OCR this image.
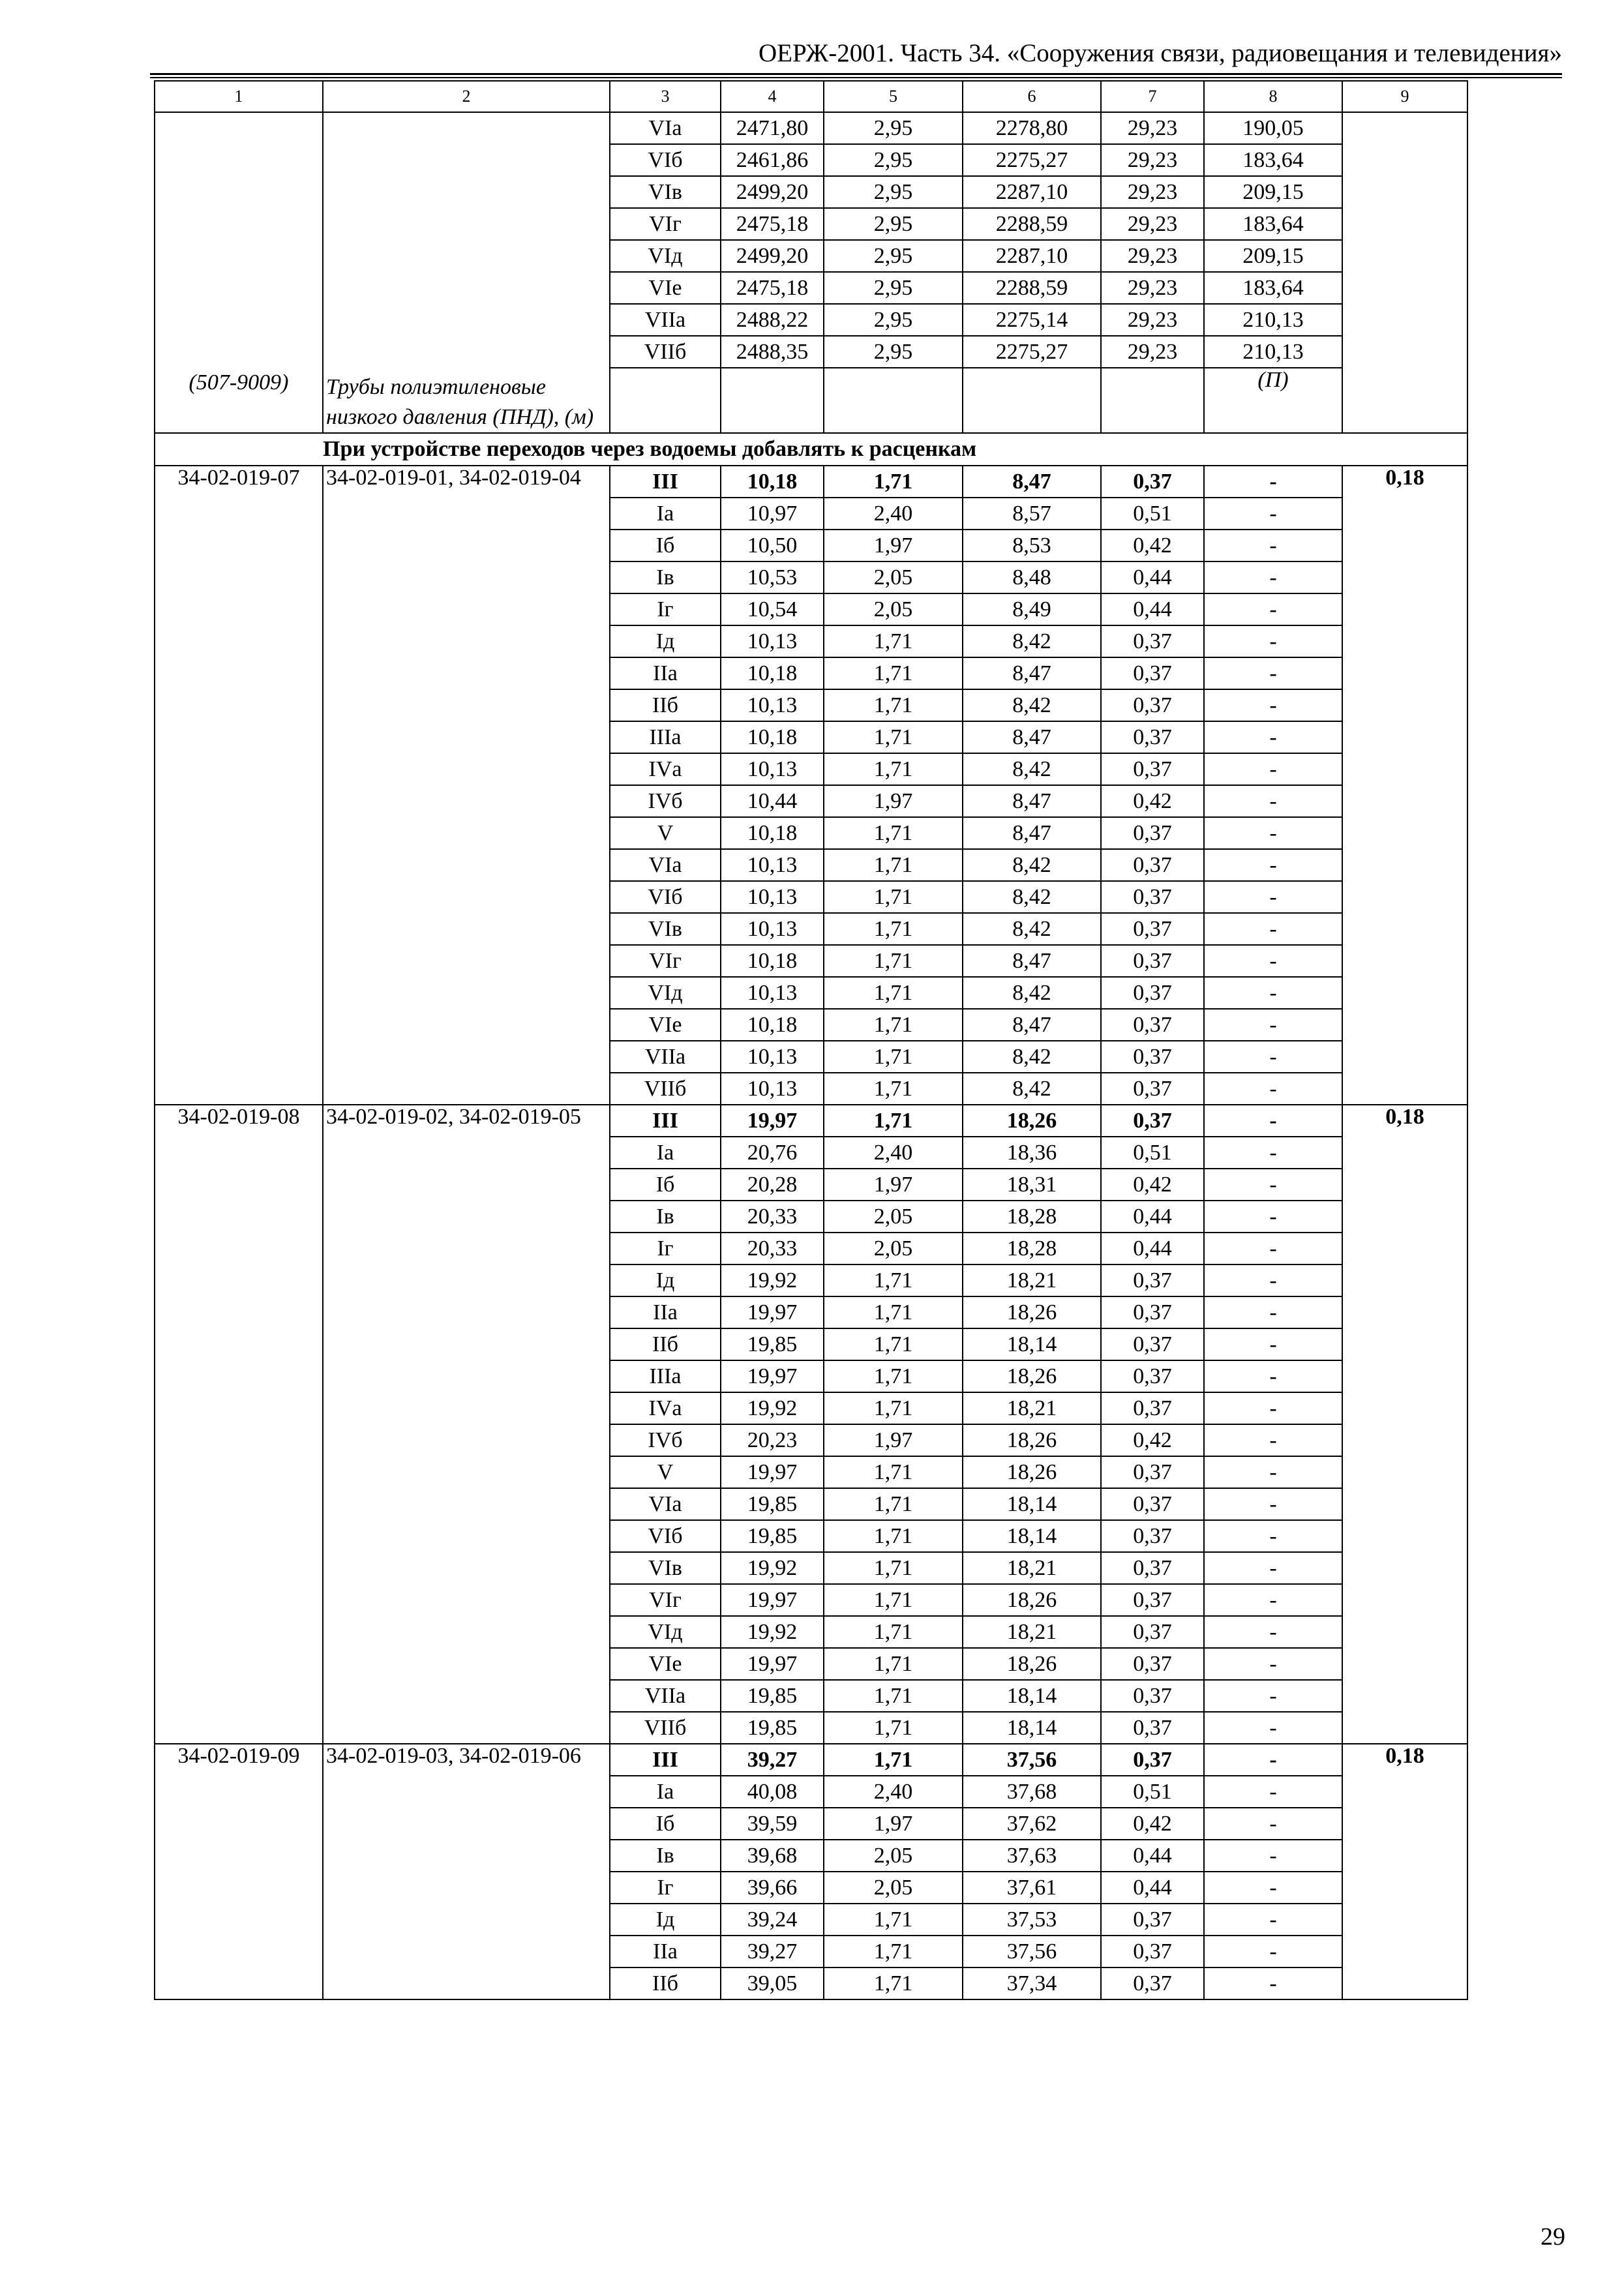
ОЕРЖ-2001. Часть 34. «Сооружения связи, радиовещания и телевидения»
1	2	3	4	5	6	7	8	9
(507-9009)	Трубы полиэтиленовые низкого давления (ПНД), (м)	VIа	2471,80	2,95	2278,80	29,23	190,05	
		VIб	2461,86	2,95	2275,27	29,23	183,64	
		VIв	2499,20	2,95	2287,10	29,23	209,15	
		VIг	2475,18	2,95	2288,59	29,23	183,64	
		VIд	2499,20	2,95	2287,10	29,23	209,15	
		VIе	2475,18	2,95	2288,59	29,23	183,64	
		VIIа	2488,22	2,95	2275,14	29,23	210,13	
		VIIб	2488,35	2,95	2275,27	29,23	210,13	
							(П)	
	При устройстве переходов через водоемы добавлять к расценкам							
34-02-019-07	34-02-019-01, 34-02-019-04	III	10,18	1,71	8,47	0,37	-	0,18
		Iа	10,97	2,40	8,57	0,51	-	
		Iб	10,50	1,97	8,53	0,42	-	
		Iв	10,53	2,05	8,48	0,44	-	
		Iг	10,54	2,05	8,49	0,44	-	
		Iд	10,13	1,71	8,42	0,37	-	
		IIа	10,18	1,71	8,47	0,37	-	
		IIб	10,13	1,71	8,42	0,37	-	
		IIIа	10,18	1,71	8,47	0,37	-	
		IVа	10,13	1,71	8,42	0,37	-	
		IVб	10,44	1,97	8,47	0,42	-	
		V	10,18	1,71	8,47	0,37	-	
		VIа	10,13	1,71	8,42	0,37	-	
		VIб	10,13	1,71	8,42	0,37	-	
		VIв	10,13	1,71	8,42	0,37	-	
		VIг	10,18	1,71	8,47	0,37	-	
		VIд	10,13	1,71	8,42	0,37	-	
		VIе	10,18	1,71	8,47	0,37	-	
		VIIа	10,13	1,71	8,42	0,37	-	
		VIIб	10,13	1,71	8,42	0,37	-	
34-02-019-08	34-02-019-02, 34-02-019-05	III	19,97	1,71	18,26	0,37	-	0,18
		Iа	20,76	2,40	18,36	0,51	-	
		Iб	20,28	1,97	18,31	0,42	-	
		Iв	20,33	2,05	18,28	0,44	-	
		Iг	20,33	2,05	18,28	0,44	-	
		Iд	19,92	1,71	18,21	0,37	-	
		IIа	19,97	1,71	18,26	0,37	-	
		IIб	19,85	1,71	18,14	0,37	-	
		IIIа	19,97	1,71	18,26	0,37	-	
		IVа	19,92	1,71	18,21	0,37	-	
		IVб	20,23	1,97	18,26	0,42	-	
		V	19,97	1,71	18,26	0,37	-	
		VIа	19,85	1,71	18,14	0,37	-	
		VIб	19,85	1,71	18,14	0,37	-	
		VIв	19,92	1,71	18,21	0,37	-	
		VIг	19,97	1,71	18,26	0,37	-	
		VIд	19,92	1,71	18,21	0,37	-	
		VIе	19,97	1,71	18,26	0,37	-	
		VIIа	19,85	1,71	18,14	0,37	-	
		VIIб	19,85	1,71	18,14	0,37	-	
34-02-019-09	34-02-019-03, 34-02-019-06	III	39,27	1,71	37,56	0,37	-	0,18
		Iа	40,08	2,40	37,68	0,51	-	
		Iб	39,59	1,97	37,62	0,42	-	
		Iв	39,68	2,05	37,63	0,44	-	
		Iг	39,66	2,05	37,61	0,44	-	
		Iд	39,24	1,71	37,53	0,37	-	
		IIа	39,27	1,71	37,56	0,37	-	
		IIб	39,05	1,71	37,34	0,37	-	
29
